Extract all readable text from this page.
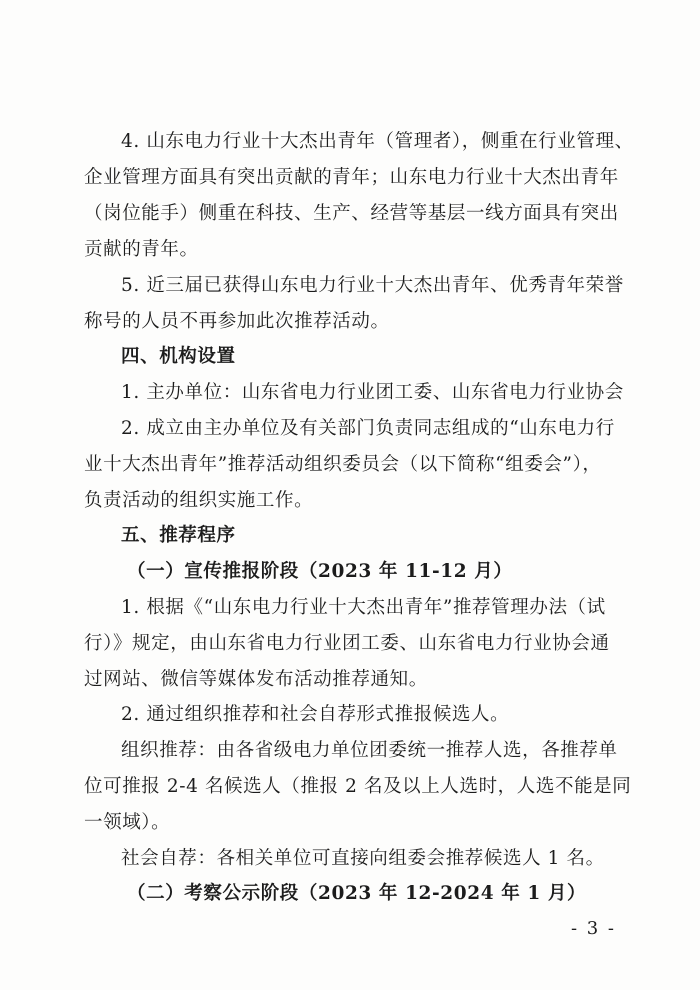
4. 山东电力行业十大杰出青年（管理者），侧重在行业管理、
企业管理方面具有突出贡献的青年；山东电力行业十大杰出青年
（岗位能手）侧重在科技、生产、经营等基层一线方面具有突出
贡献的青年。
5. 近三届已获得山东电力行业十大杰出青年、优秀青年荣誉
称号的人员不再参加此次推荐活动。
四、机构设置
1. 主办单位：山东省电力行业团工委、山东省电力行业协会
2. 成立由主办单位及有关部门负责同志组成的“山东电力行
业十大杰出青年”推荐活动组织委员会（以下简称“组委会”），
负责活动的组织实施工作。
五、推荐程序
（一）宣传推报阶段（2023 年 11-12 月）
1. 根据《“山东电力行业十大杰出青年”推荐管理办法（试
行）》规定，由山东省电力行业团工委、山东省电力行业协会通
过网站、微信等媒体发布活动推荐通知。
2. 通过组织推荐和社会自荐形式推报候选人。
组织推荐：由各省级电力单位团委统一推荐人选，各推荐单
位可推报 2-4 名候选人（推报 2 名及以上人选时，人选不能是同
一领域）。
社会自荐：各相关单位可直接向组委会推荐候选人 1 名。
（二）考察公示阶段（2023 年 12-2024 年 1 月）
- 3 -
